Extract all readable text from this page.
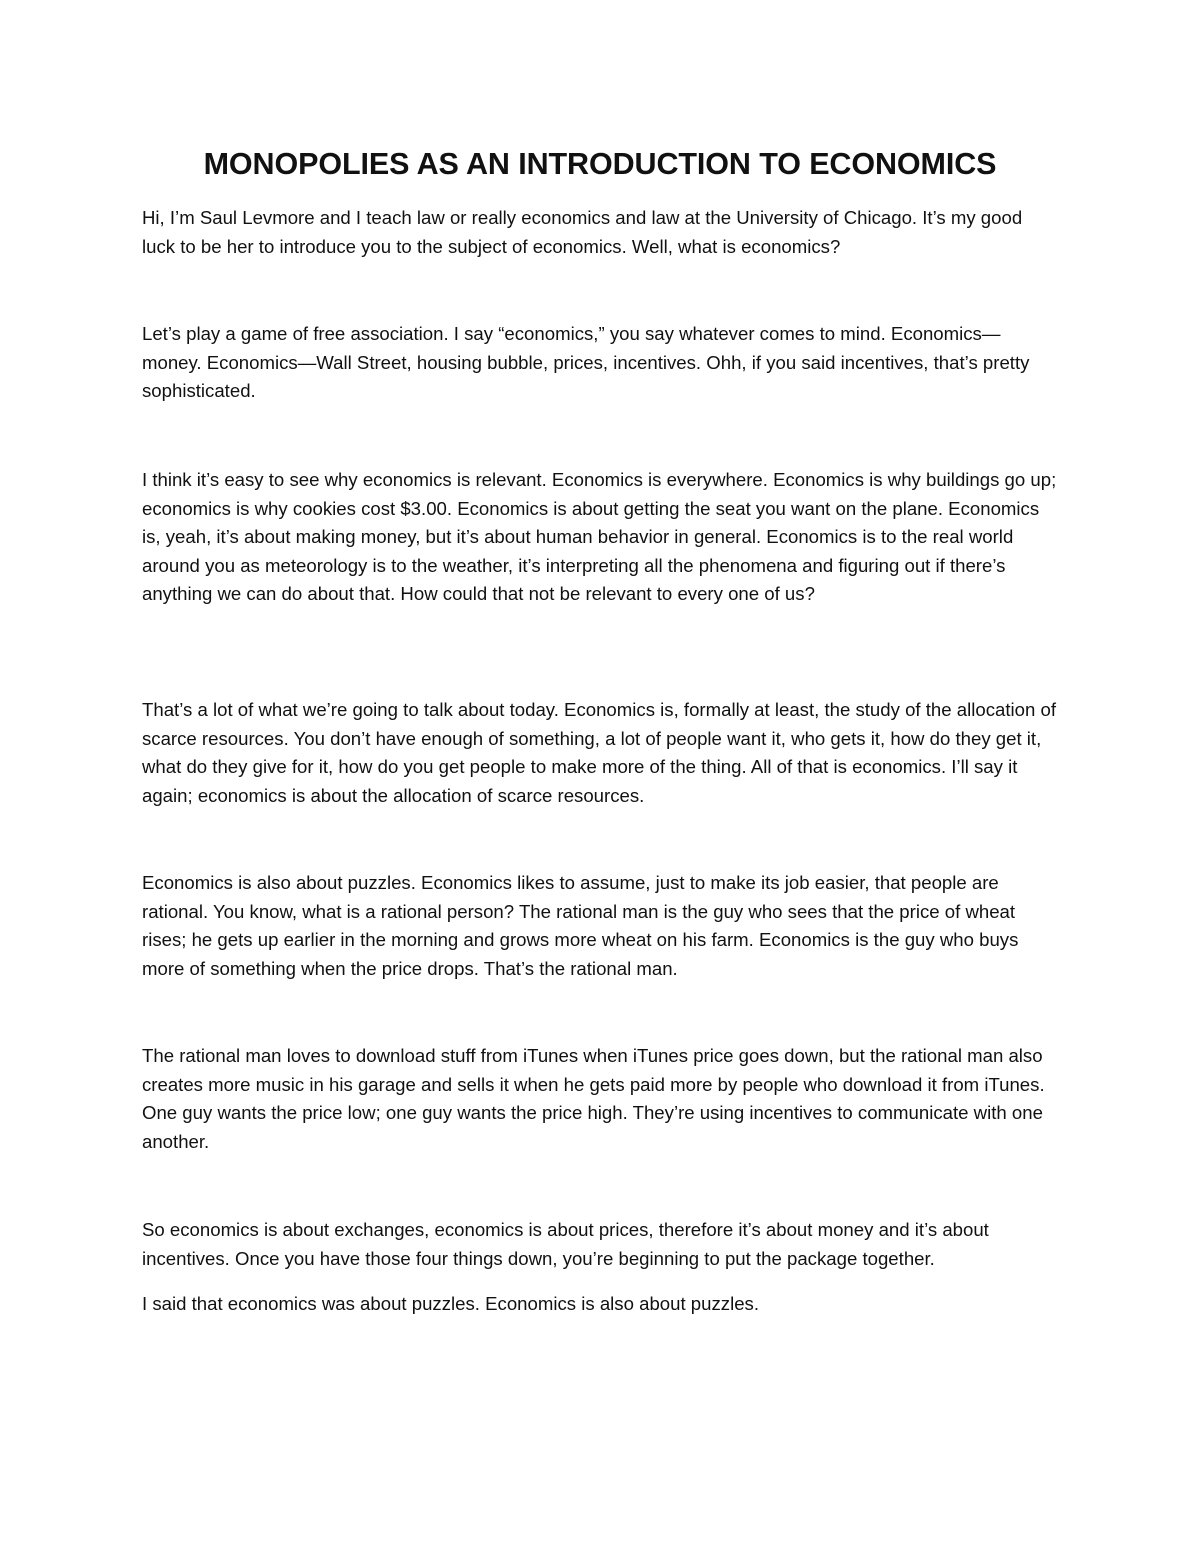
MONOPOLIES AS AN INTRODUCTION TO ECONOMICS

Hi, I’m Saul Levmore and I teach law or really economics and law at the University of Chicago. It’s my good luck to be her to introduce you to the subject of economics. Well, what is economics?

Let’s play a game of free association. I say “economics,” you say whatever comes to mind. Economics—money. Economics—Wall Street, housing bubble, prices, incentives. Ohh, if you said incentives, that’s pretty sophisticated.

I think it’s easy to see why economics is relevant. Economics is everywhere. Economics is why buildings go up; economics is why cookies cost $3.00. Economics is about getting the seat you want on the plane. Economics is, yeah, it’s about making money, but it’s about human behavior in general. Economics is to the real world around you as meteorology is to the weather, it’s interpreting all the phenomena and figuring out if there’s anything we can do about that. How could that not be relevant to every one of us?

That’s a lot of what we’re going to talk about today. Economics is, formally at least, the study of the allocation of scarce resources. You don’t have enough of something, a lot of people want it, who gets it, how do they get it, what do they give for it, how do you get people to make more of the thing. All of that is economics. I’ll say it again; economics is about the allocation of scarce resources.

Economics is also about puzzles. Economics likes to assume, just to make its job easier, that people are rational. You know, what is a rational person? The rational man is the guy who sees that the price of wheat rises; he gets up earlier in the morning and grows more wheat on his farm. Economics is the guy who buys more of something when the price drops. That’s the rational man.

The rational man loves to download stuff from iTunes when iTunes price goes down, but the rational man also creates more music in his garage and sells it when he gets paid more by people who download it from iTunes. One guy wants the price low; one guy wants the price high. They’re using incentives to communicate with one another.

So economics is about exchanges, economics is about prices, therefore it’s about money and it’s about incentives. Once you have those four things down, you’re beginning to put the package together.

I said that economics was about puzzles. Economics is also about puzzles.
